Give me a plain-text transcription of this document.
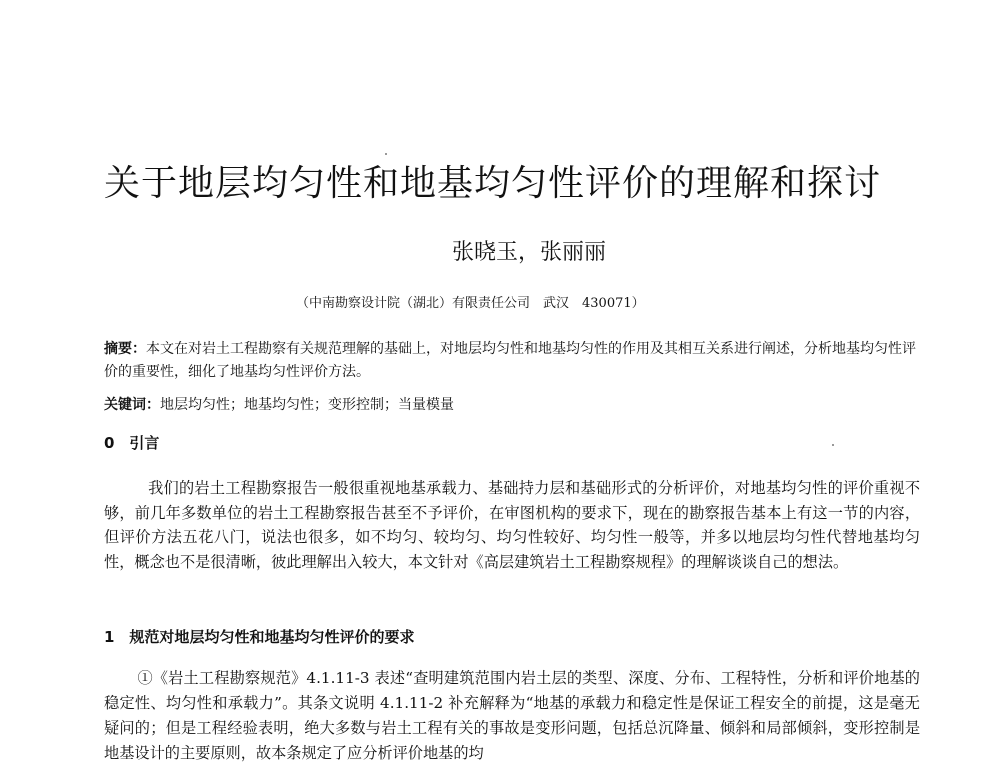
关于地层均匀性和地基均匀性评价的理解和探讨
张晓玉，张丽丽
（中南勘察设计院（湖北）有限责任公司　武汉　430071）
摘要：本文在对岩土工程勘察有关规范理解的基础上，对地层均匀性和地基均匀性的作用及其相互关系进行阐述，分析地基均匀性评价的重要性，细化了地基均匀性评价方法。
关键词：地层均匀性；地基均匀性；变形控制；当量模量
0　引言
我们的岩土工程勘察报告一般很重视地基承载力、基础持力层和基础形式的分析评价，对地基均匀性的评价重视不够，前几年多数单位的岩土工程勘察报告甚至不予评价，在审图机构的要求下，现在的勘察报告基本上有这一节的内容，但评价方法五花八门，说法也很多，如不均匀、较均匀、均匀性较好、均匀性一般等，并多以地层均匀性代替地基均匀性，概念也不是很清晰，彼此理解出入较大，本文针对《高层建筑岩土工程勘察规程》的理解谈谈自己的想法。
1　规范对地层均匀性和地基均匀性评价的要求
①《岩土工程勘察规范》4.1.11-3 表述“查明建筑范围内岩土层的类型、深度、分布、工程特性，分析和评价地基的稳定性、均匀性和承载力”。其条文说明 4.1.11-2 补充解释为“地基的承载力和稳定性是保证工程安全的前提，这是毫无疑问的；但是工程经验表明，绝大多数与岩土工程有关的事故是变形问题，包括总沉降量、倾斜和局部倾斜，变形控制是地基设计的主要原则，故本条规定了应分析评价地基的均
